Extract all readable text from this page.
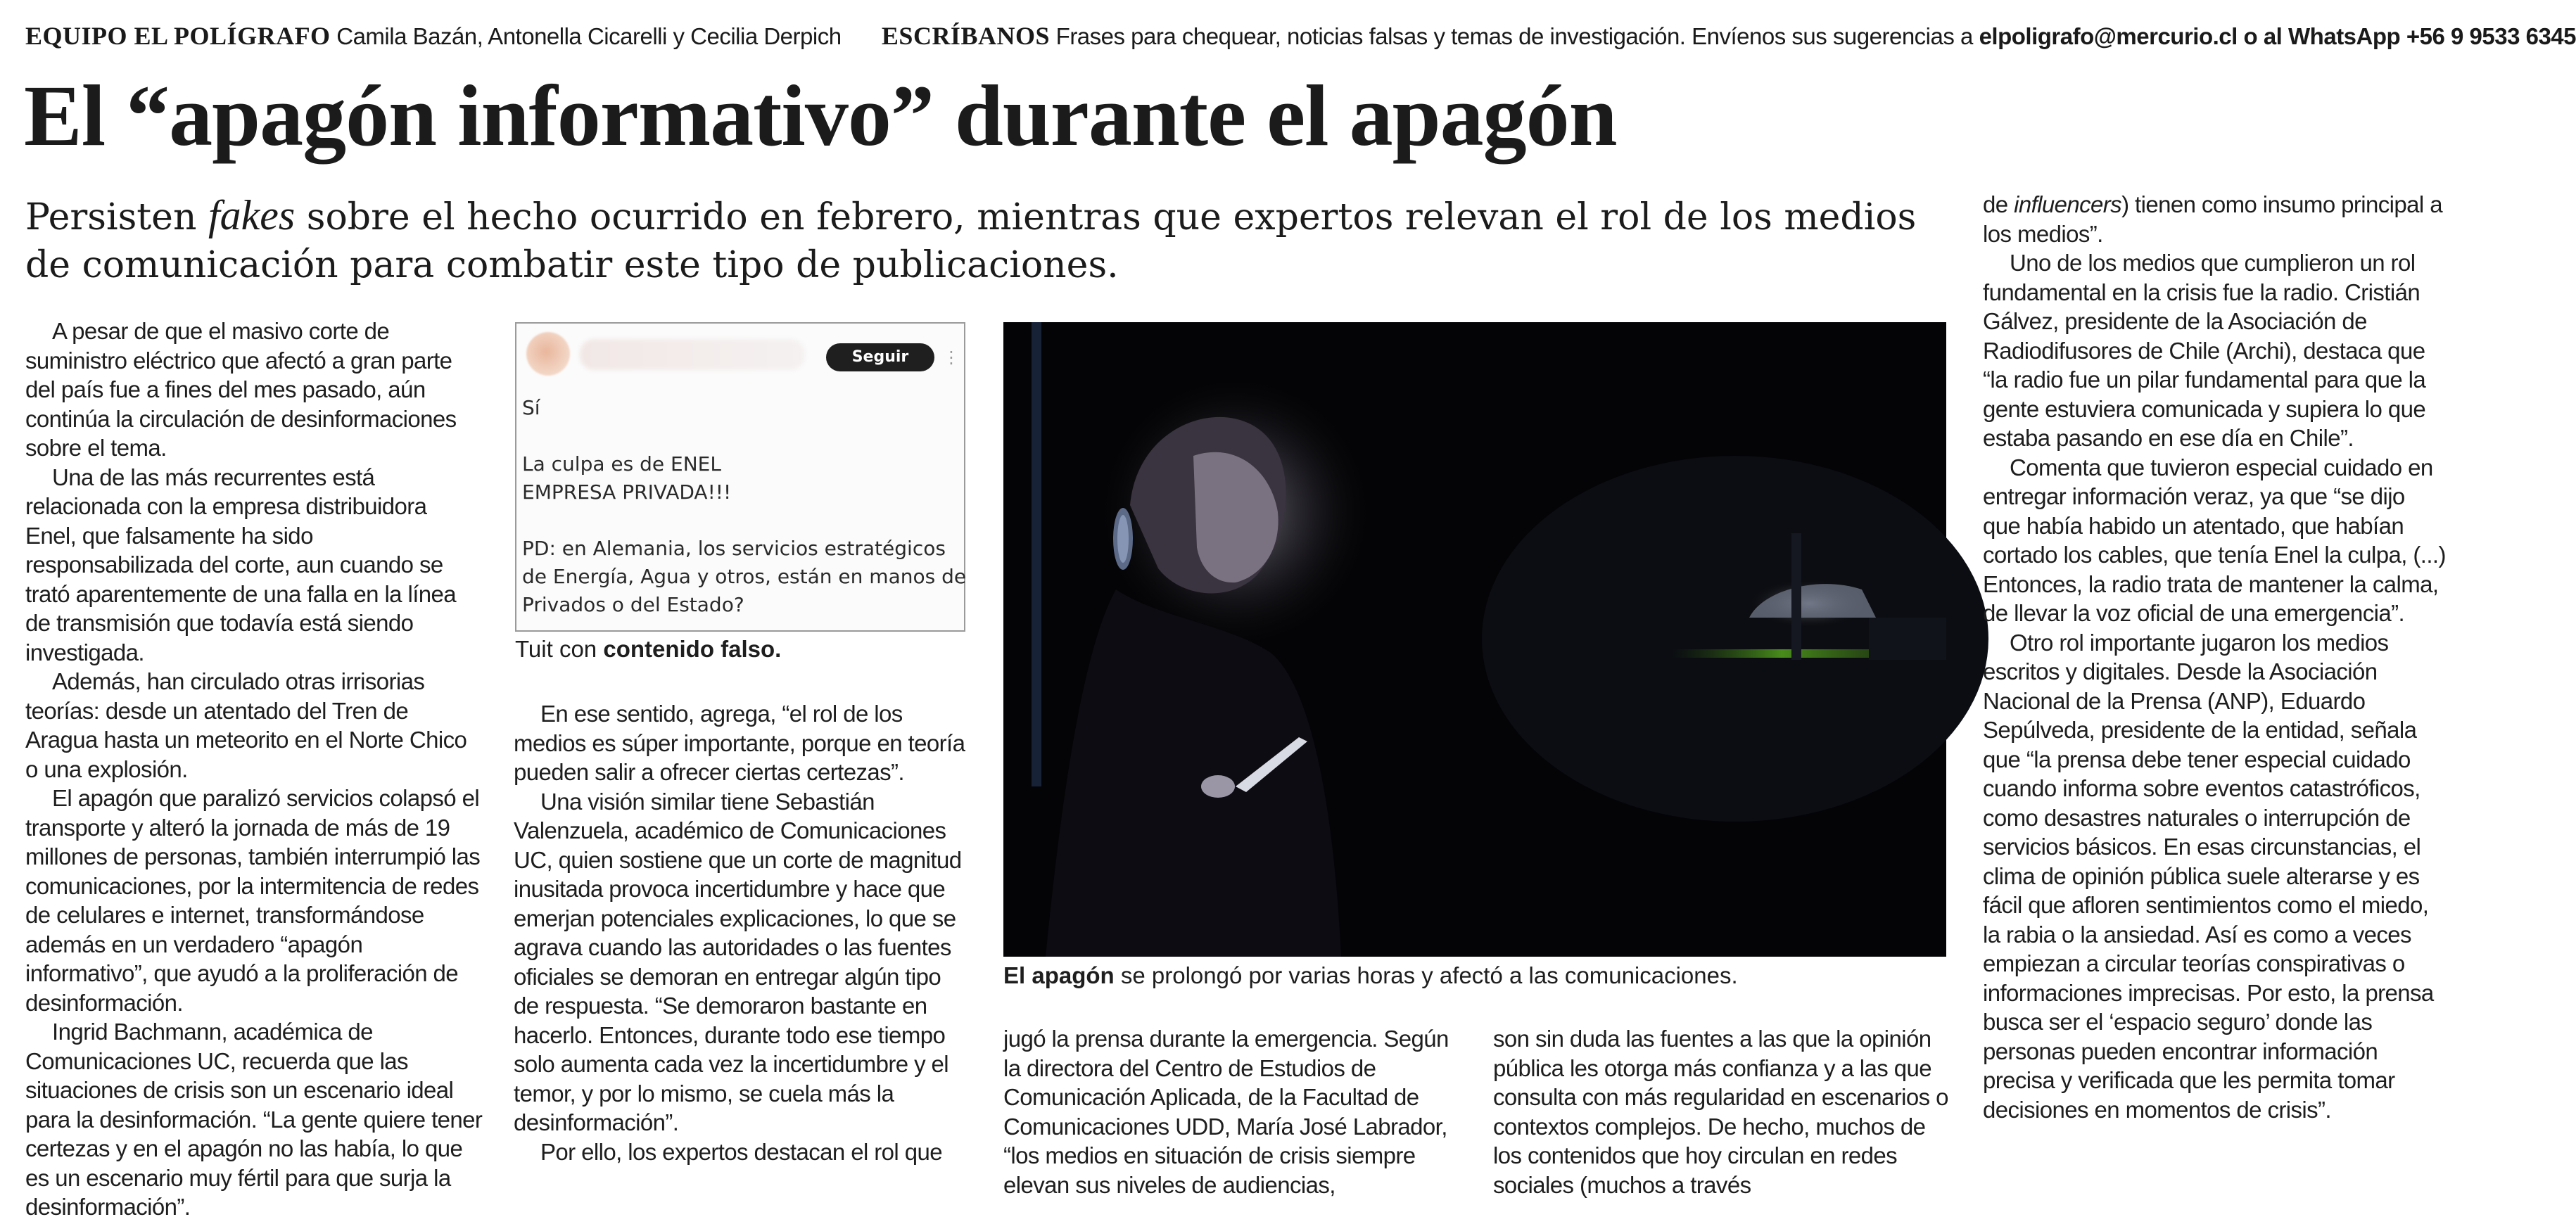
EQUIPO EL POLÍGRAFO Camila Bazán, Antonella Cicarelli y Cecilia Derpich ESCRÍBANOS Frases para chequear, noticias falsas y temas de investigación. Envíenos sus sugerencias a elpoligrafo@mercurio.cl o al WhatsApp +56 9 9533 6345
El “apagón informativo” durante el apagón
Persisten fakes sobre el hecho ocurrido en febrero, mientras que expertos relevan el rol de los medios de comunicación para combatir este tipo de publicaciones.

A pesar de que el masivo corte de suministro eléctrico que afectó a gran parte del país fue a fines del mes pasado, aún continúa la circulación de desinformaciones sobre el tema.

Una de las más recurrentes está relacionada con la empresa distribuidora Enel, que falsamente ha sido responsabilizada del corte, aun cuando se trató aparentemente de una falla en la línea de transmisión que todavía está siendo investigada.

Además, han circulado otras irrisorias teorías: desde un atentado del Tren de Aragua hasta un meteorito en el Norte Chico o una explosión.

El apagón que paralizó servicios colapsó el transporte y alteró la jornada de más de 19 millones de personas, también interrumpió las comunicaciones, por la intermitencia de redes de celulares e internet, transformándose además en un verdadero “apagón informativo”, que ayudó a la proliferación de desinformación.

Ingrid Bachmann, académica de Comunicaciones UC, recuerda que las situaciones de crisis son un escenario ideal para la desinformación. “La gente quiere tener certezas y en el apagón no las había, lo que es un escenario muy fértil para que surja la desinformación”.

Seguir	⋮
Sí
La culpa es de ENEL
EMPRESA PRIVADA!!!
PD: en Alemania, los servicios estratégicos
de Energía, Agua y otros, están en manos de
Privados o del Estado?
Tuit con contenido falso.

En ese sentido, agrega, “el rol de los medios es súper importante, porque en teoría pueden salir a ofrecer ciertas certezas”.

Una visión similar tiene Sebastián Valenzuela, académico de Comunicaciones UC, quien sostiene que un corte de magnitud inusitada provoca incertidumbre y hace que emerjan potenciales explicaciones, lo que se agrava cuando las autoridades o las fuentes oficiales se demoran en entregar algún tipo de respuesta. “Se demoraron bastante en hacerlo. Entonces, durante todo ese tiempo solo aumenta cada vez la incertidumbre y el temor, y por lo mismo, se cuela más la desinformación”.

Por ello, los expertos destacan el rol que

El apagón se prolongó por varias horas y afectó a las comunicaciones.

jugó la prensa durante la emergencia. Según la directora del Centro de Estudios de Comunicación Aplicada, de la Facultad de Comunicaciones UDD, María José Labrador, “los medios en situación de crisis siempre elevan sus niveles de audiencias,

son sin duda las fuentes a las que la opinión pública les otorga más confianza y a las que consulta con más regularidad en escenarios o contextos complejos. De hecho, muchos de los contenidos que hoy circulan en redes sociales (muchos a través

de influencers) tienen como insumo principal a los medios”.

Uno de los medios que cumplieron un rol fundamental en la crisis fue la radio. Cristián Gálvez, presidente de la Asociación de Radiodifusores de Chile (Archi), destaca que “la radio fue un pilar fundamental para que la gente estuviera comunicada y supiera lo que estaba pasando en ese día en Chile”.

Comenta que tuvieron especial cuidado en entregar información veraz, ya que “se dijo que había habido un atentado, que habían cortado los cables, que tenía Enel la culpa, (...) Entonces, la radio trata de mantener la calma, de llevar la voz oficial de una emergencia”.

Otro rol importante jugaron los medios escritos y digitales. Desde la Asociación Nacional de la Prensa (ANP), Eduardo Sepúlveda, presidente de la entidad, señala que “la prensa debe tener especial cuidado cuando informa sobre eventos catastróficos, como desastres naturales o interrupción de servicios básicos. En esas circunstancias, el clima de opinión pública suele alterarse y es fácil que afloren sentimientos como el miedo, la rabia o la ansiedad. Así es como a veces empiezan a circular teorías conspirativas o informaciones imprecisas. Por esto, la prensa busca ser el ‘espacio seguro’ donde las personas pueden encontrar información precisa y verificada que les permita tomar decisiones en momentos de crisis”.
